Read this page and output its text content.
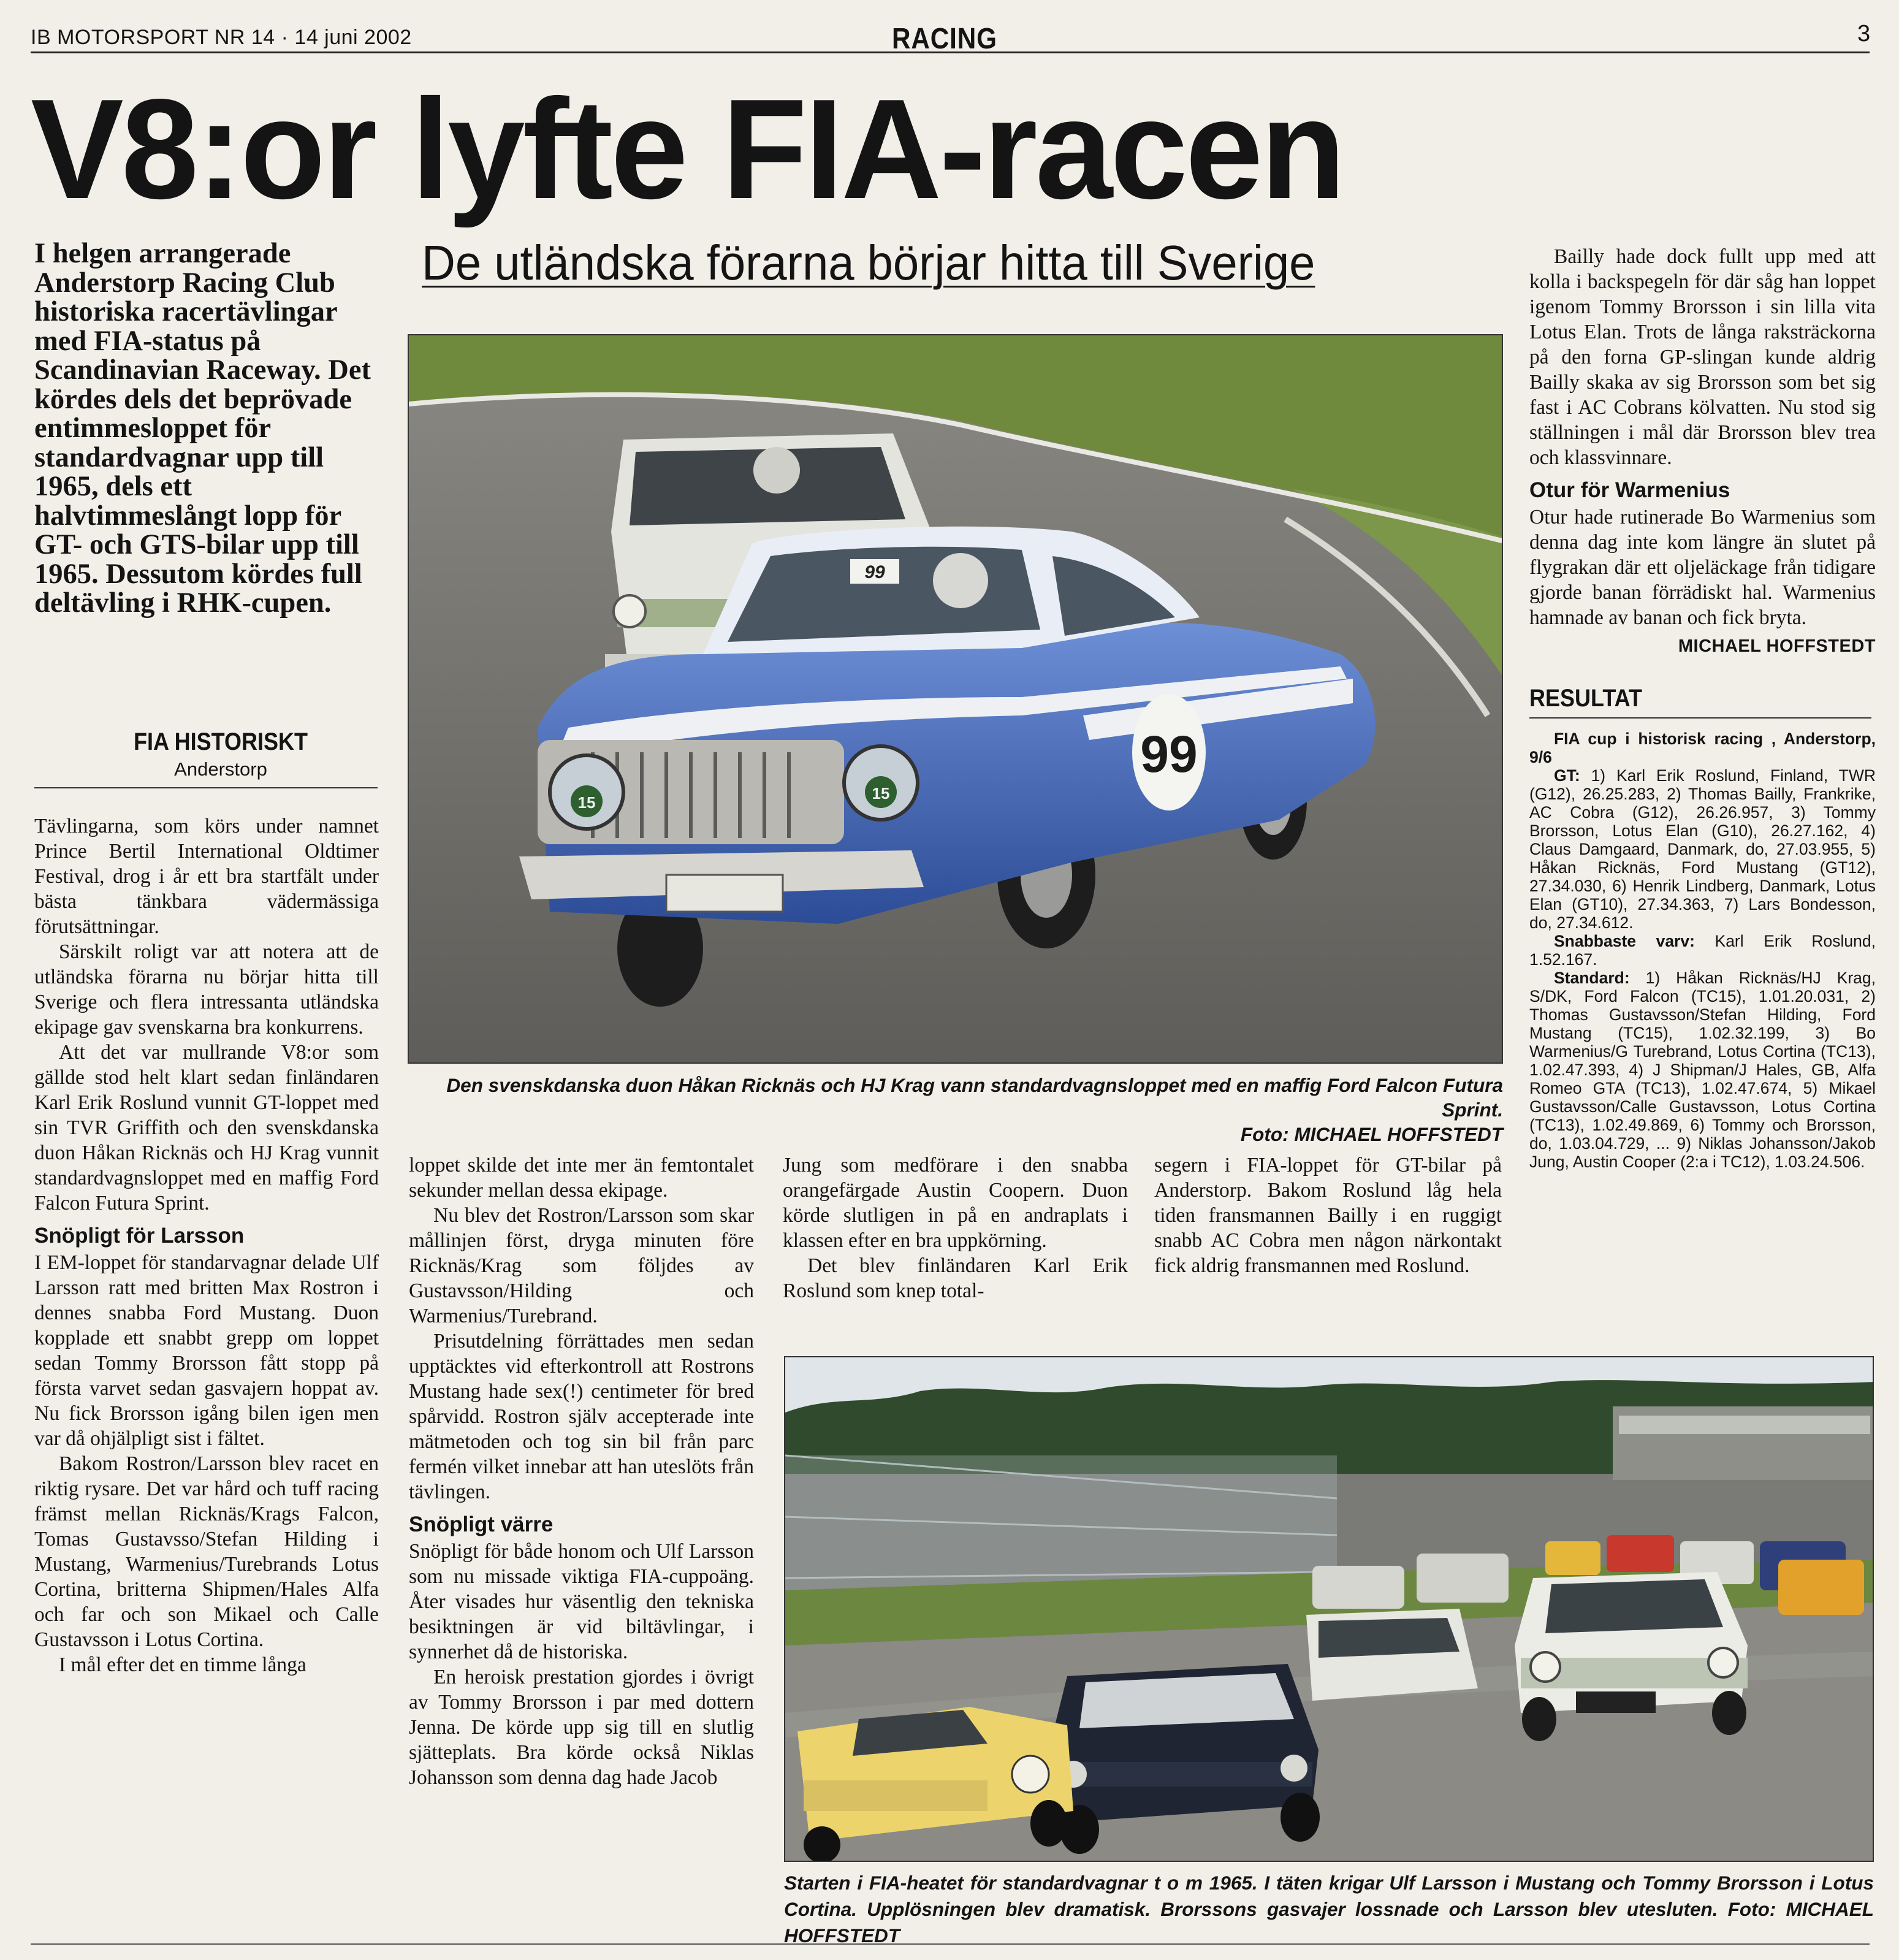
IB MOTORSPORT NR 14 · 14 juni 2002	RACING	3
V8:or lyfte FIA-racen
De utländska förarna börjar hitta till Sverige
I helgen arrangerade Anderstorp Racing Club historiska racertävlingar med FIA-status på Scandinavian Raceway. Det kördes dels det beprövade entimmesloppet för standardvagnar upp till 1965, dels ett halvtimmeslångt lopp för GT- och GTS-bilar upp till 1965. Dessutom kördes full deltävling i RHK-cupen.
FIA HISTORISKT
Anderstorp

Tävlingarna, som körs under namnet Prince Bertil International Oldtimer Festival, drog i år ett bra startfält under bästa tänkbara vädermässiga förutsättningar.

Särskilt roligt var att notera att de utländska förarna nu börjar hitta till Sverige och flera intressanta utländska ekipage gav svenskarna bra konkurrens.

Att det var mullrande V8:or som gällde stod helt klart sedan finländaren Karl Erik Roslund vunnit GT-loppet med sin TVR Griffith och den svenskdanska duon Håkan Ricknäs och HJ Krag vunnit standardvagnsloppet med en maffig Ford Falcon Futura Sprint.

Snöpligt för Larsson

I EM-loppet för standarvagnar delade Ulf Larsson ratt med britten Max Rostron i dennes snabba Ford Mustang. Duon kopplade ett snabbt grepp om loppet sedan Tommy Brorsson fått stopp på första varvet sedan gasvajern hoppat av. Nu fick Brorsson igång bilen igen men var då ohjälpligt sist i fältet.

Bakom Rostron/Larsson blev racet en riktig rysare. Det var hård och tuff racing främst mellan Ricknäs/Krags Falcon, Tomas Gustavsso/Stefan Hilding i Mustang, Warmenius/Turebrands Lotus Cortina, britterna Shipmen/Hales Alfa och far och son Mikael och Calle Gustavsson i Lotus Cortina.

I mål efter det en timme långa

99
99
15	15
Den svenskdanska duon Håkan Ricknäs och HJ Krag vann standardvagnsloppet med en maffig Ford Falcon Futura Sprint.
Foto: MICHAEL HOFFSTEDT

loppet skilde det inte mer än femtontalet sekunder mellan dessa ekipage.

Nu blev det Rostron/Larsson som skar mållinjen först, dryga minuten före Ricknäs/Krag som följdes av Gustavsson/Hilding och Warmenius/Turebrand.

Prisutdelning förrättades men sedan upptäcktes vid efterkontroll att Rostrons Mustang hade sex(!) centimeter för bred spårvidd. Rostron själv accepterade inte mätmetoden och tog sin bil från parc fermén vilket innebar att han uteslöts från tävlingen.

Snöpligt värre

Snöpligt för både honom och Ulf Larsson som nu missade viktiga FIA-cuppoäng. Åter visades hur väsentlig den tekniska besiktningen är vid biltävlingar, i synnerhet då de historiska.

En heroisk prestation gjordes i övrigt av Tommy Brorsson i par med dottern Jenna. De körde upp sig till en slutlig sjätteplats. Bra körde också Niklas Johansson som denna dag hade Jacob

Jung som medförare i den snabba orangefärgade Austin Coopern. Duon körde slutligen in på en andraplats i klassen efter en bra uppkörning.

Det blev finländaren Karl Erik Roslund som knep total-

segern i FIA-loppet för GT-bilar på Anderstorp. Bakom Roslund låg hela tiden fransmannen Bailly i en ruggigt snabb AC Cobra men någon närkontakt fick aldrig fransmannen med Roslund.

Starten i FIA-heatet för standardvagnar t o m 1965. I täten krigar Ulf Larsson i Mustang och Tommy Brorsson i Lotus Cortina. Upplösningen blev dramatisk. Brorssons gasvajer lossnade och Larsson blev utesluten. Foto: MICHAEL HOFFSTEDT

Bailly hade dock fullt upp med att kolla i backspegeln för där såg han loppet igenom Tommy Brorsson i sin lilla vita Lotus Elan. Trots de långa raksträckorna på den forna GP-slingan kunde aldrig Bailly skaka av sig Brorsson som bet sig fast i AC Cobrans kölvatten. Nu stod sig ställningen i mål där Brorsson blev trea och klassvinnare.

Otur för Warmenius

Otur hade rutinerade Bo Warmenius som denna dag inte kom längre än slutet på flygrakan där ett oljeläckage från tidigare gjorde banan förrädiskt hal. Warmenius hamnade av banan och fick bryta.

MICHAEL HOFFSTEDT
RESULTAT

FIA cup i historisk racing , Anderstorp, 9/6

GT: 1) Karl Erik Roslund, Finland, TWR (G12), 26.25.283, 2) Thomas Bailly, Frankrike, AC Cobra (G12), 26.26.957, 3) Tommy Brorsson, Lotus Elan (G10), 26.27.162, 4) Claus Damgaard, Danmark, do, 27.03.955, 5) Håkan Ricknäs, Ford Mustang (GT12), 27.34.030, 6) Henrik Lindberg, Danmark, Lotus Elan (GT10), 27.34.363, 7) Lars Bondesson, do, 27.34.612.

Snabbaste varv: Karl Erik Roslund, 1.52.167.

Standard: 1) Håkan Ricknäs/HJ Krag, S/DK, Ford Falcon (TC15), 1.01.20.031, 2) Thomas Gustavsson/Stefan Hilding, Ford Mustang (TC15), 1.02.32.199, 3) Bo Warmenius/G Turebrand, Lotus Cortina (TC13), 1.02.47.393, 4) J Shipman/J Hales, GB, Alfa Romeo GTA (TC13), 1.02.47.674, 5) Mikael Gustavsson/Calle Gustavsson, Lotus Cortina (TC13), 1.02.49.869, 6) Tommy och Brorsson, do, 1.03.04.729, ... 9) Niklas Johansson/Jakob Jung, Austin Cooper (2:a i TC12), 1.03.24.506.
